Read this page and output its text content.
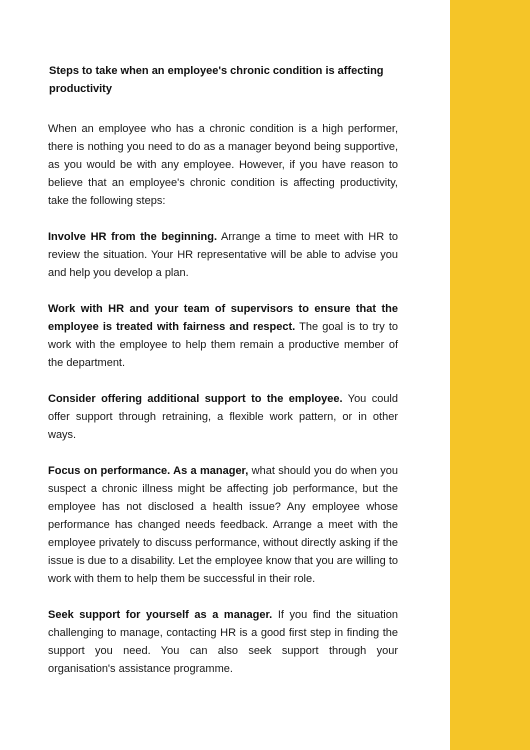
Steps to take when an employee's chronic condition is affecting productivity

When an employee who has a chronic condition is a high performer, there is nothing you need to do as a manager beyond being supportive, as you would be with any employee. However, if you have reason to believe that an employee's chronic condition is affecting productivity, take the following steps:

Involve HR from the beginning. Arrange a time to meet with HR to review the situation. Your HR representative will be able to advise you and help you develop a plan.

Work with HR and your team of supervisors to ensure that the employee is treated with fairness and respect. The goal is to try to work with the employee to help them remain a productive member of the department.

Consider offering additional support to the employee. You could offer support through retraining, a flexible work pattern, or in other ways.

Focus on performance. As a manager, what should you do when you suspect a chronic illness might be affecting job performance, but the employee has not disclosed a health issue? Any employee whose performance has changed needs feedback. Arrange a meet with the employee privately to discuss performance, without directly asking if the issue is due to a disability. Let the employee know that you are willing to work with them to help them be successful in their role.

Seek support for yourself as a manager. If you find the situation challenging to manage, contacting HR is a good first step in finding the support you need. You can also seek support through your organisation's assistance programme.
